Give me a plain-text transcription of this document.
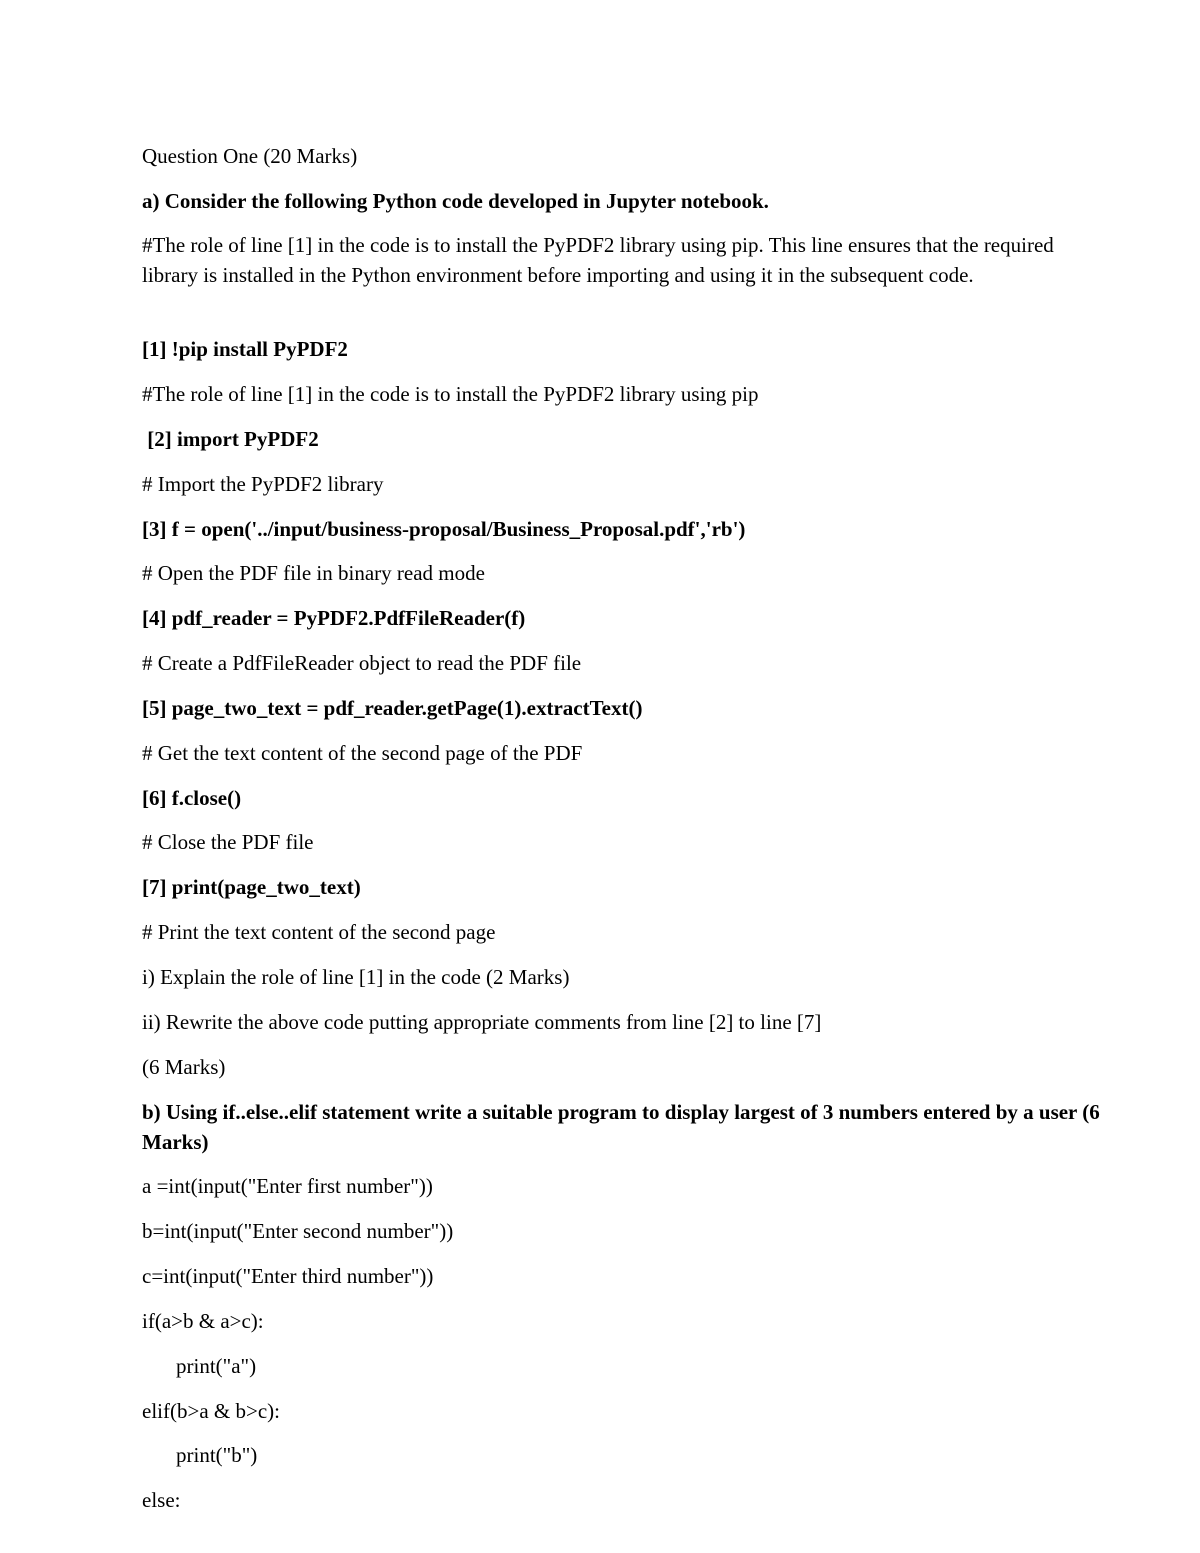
Question One (20 Marks)

a) Consider the following Python code developed in Jupyter notebook.

#The role of line [1] in the code is to install the PyPDF2 library using pip. This line ensures that the required library is installed in the Python environment before importing and using it in the subsequent code.

[1] !pip install PyPDF2

#The role of line [1] in the code is to install the PyPDF2 library using pip

[2] import PyPDF2

# Import the PyPDF2 library

[3] f = open('../input/business-proposal/Business_Proposal.pdf','rb')

# Open the PDF file in binary read mode

[4] pdf_reader = PyPDF2.PdfFileReader(f)

# Create a PdfFileReader object to read the PDF file

[5] page_two_text = pdf_reader.getPage(1).extractText()

# Get the text content of the second page of the PDF

[6] f.close()

# Close the PDF file

[7] print(page_two_text)

# Print the text content of the second page

i) Explain the role of line [1] in the code (2 Marks)

ii) Rewrite the above code putting appropriate comments from line [2] to line [7]

(6 Marks)

b) Using if..else..elif statement write a suitable program to display largest of 3 numbers entered by a user (6 Marks)

a =int(input("Enter first number"))

b=int(input("Enter second number"))

c=int(input("Enter third number"))

if(a>b & a>c):

print("a")

elif(b>a & b>c):

print("b")

else:
